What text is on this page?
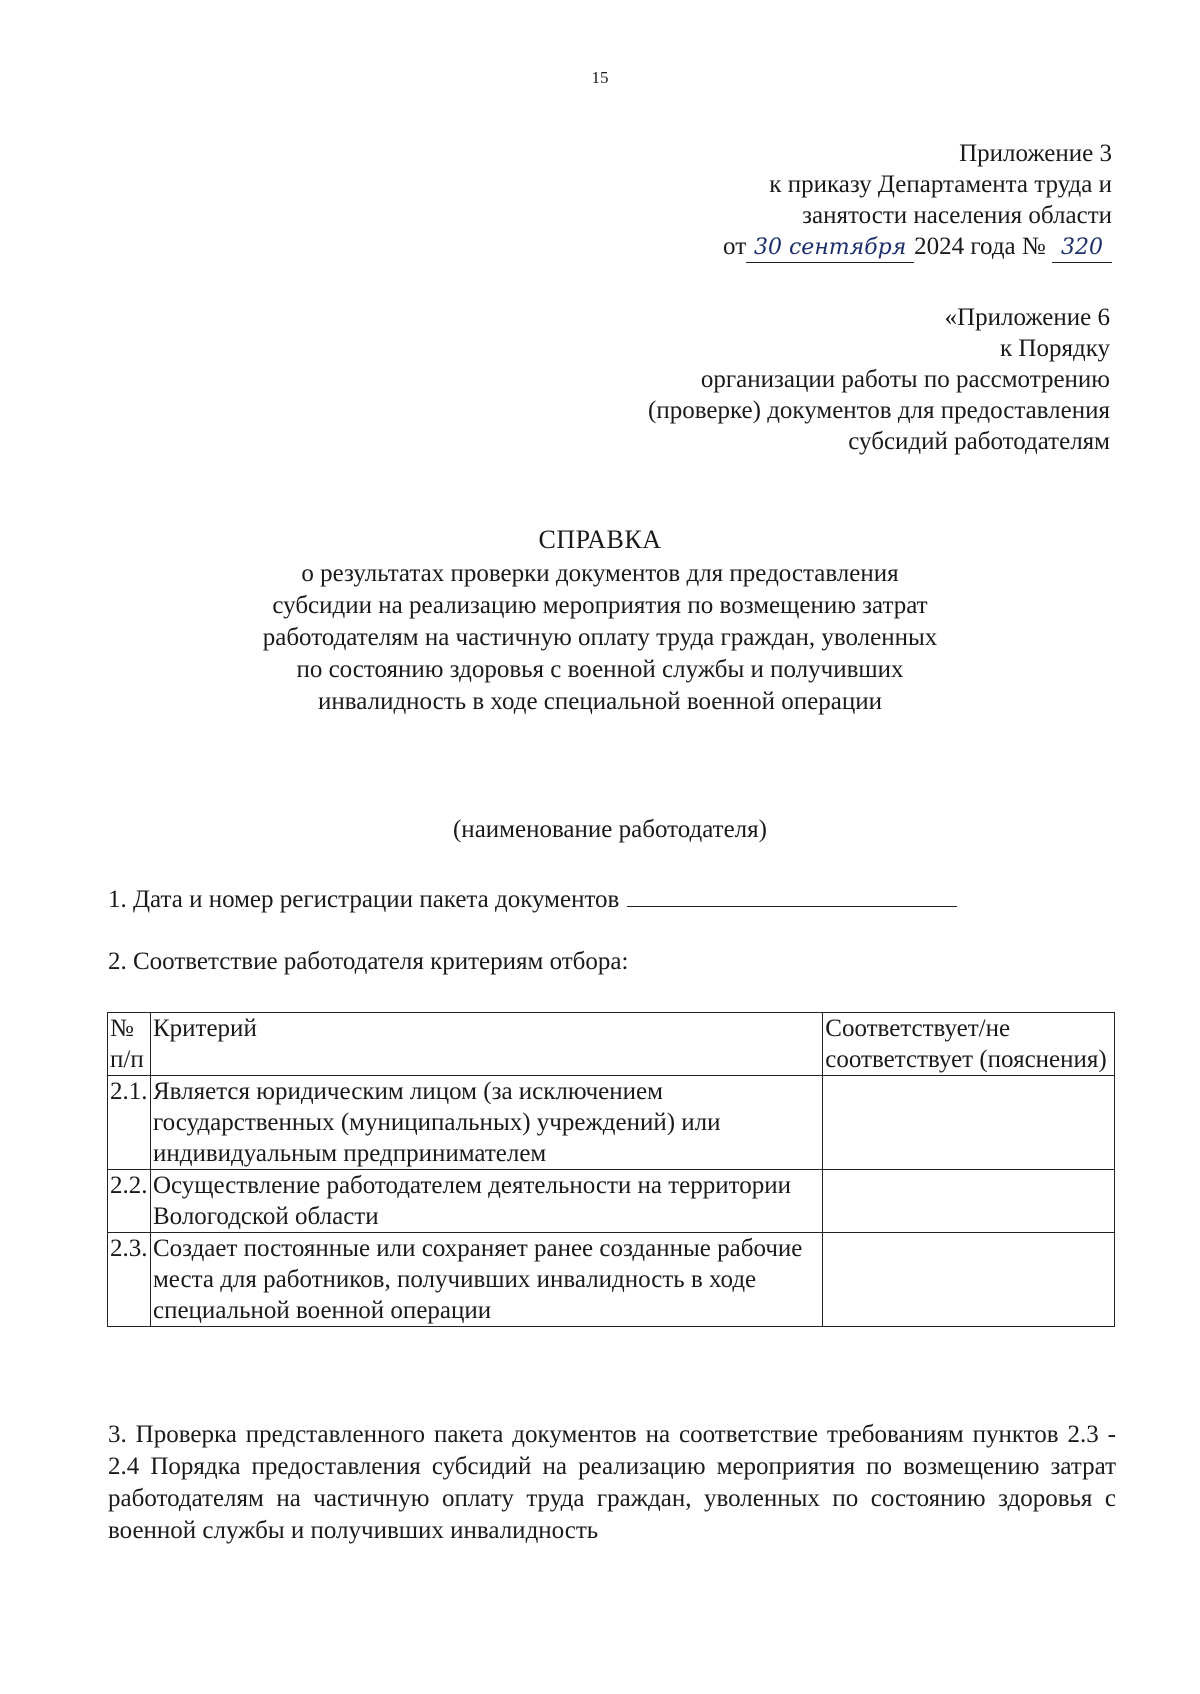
15
Приложение 3
к приказу Департамента труда и
занятости населения области
от 30 сентября 2024 года № 320
«Приложение 6
к Порядку
организации работы по рассмотрению
(проверке) документов для предоставления
субсидий работодателям
СПРАВКА
о результатах проверки документов для предоставления
субсидии на реализацию мероприятия по возмещению затрат
работодателям на частичную оплату труда граждан, уволенных
по состоянию здоровья с военной службы и получивших
инвалидность в ходе специальной военной операции
(наименование работодателя)
1. Дата и номер регистрации пакета документов
2. Соответствие работодателя критериям отбора:
№ п/п	Критерий	Соответствует/не соответствует (пояснения)
2.1.	Является юридическим лицом (за исключением государственных (муниципальных) учреждений) или индивидуальным предпринимателем	
2.2.	Осуществление работодателем деятельности на территории Вологодской области	
2.3.	Создает постоянные или сохраняет ранее созданные рабочие места для работников, получивших инвалидность в ходе специальной военной операции	
3. Проверка представленного пакета документов на соответствие требованиям пунктов 2.3 - 2.4 Порядка предоставления субсидий на реализацию мероприятия по возмещению затрат работодателям на частичную оплату труда граждан, уволенных по состоянию здоровья с военной службы и получивших инвалидность
